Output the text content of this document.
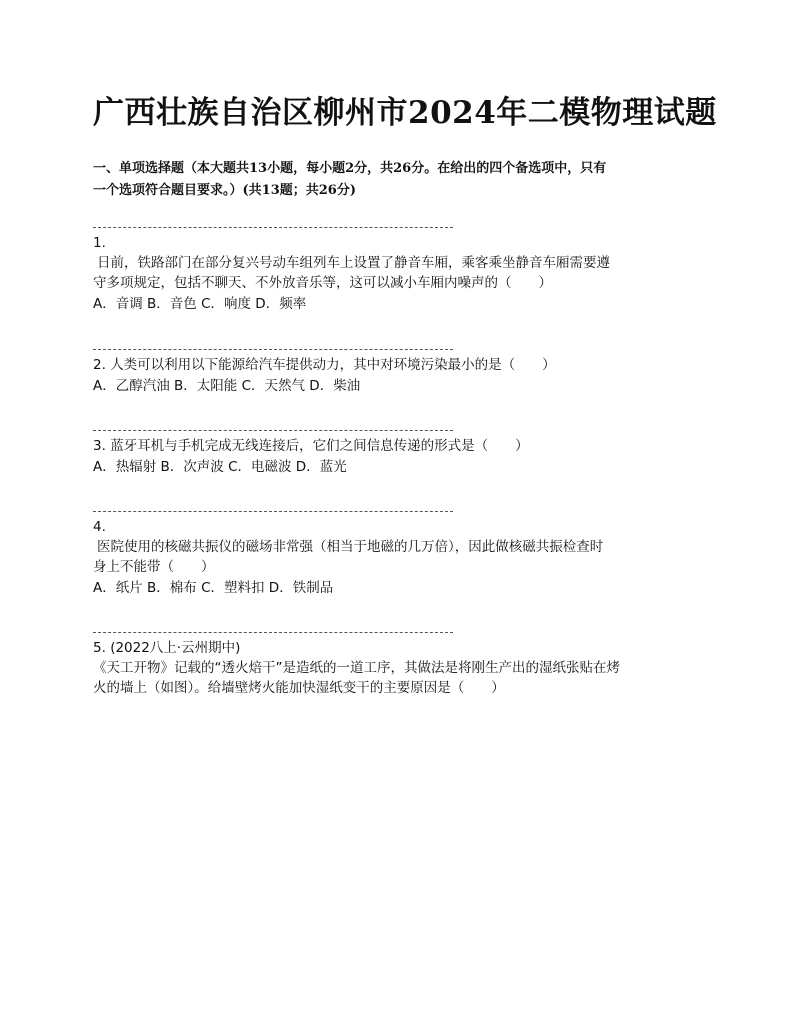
广西壮族自治区柳州市2024年二模物理试题

一、单项选择题（本大题共13小题，每小题2分，共26分。在给出的四个备选项中，只有

一个选项符合题目要求。）(共13题；共26分)

1.

日前，铁路部门在部分复兴号动车组列车上设置了静音车厢，乘客乘坐静音车厢需要遵

守多项规定，包括不聊天、不外放音乐等，这可以减小车厢内噪声的（　　）

A．音调 B．音色 C．响度 D．频率

2. 人类可以利用以下能源给汽车提供动力，其中对环境污染最小的是（　　）

A．乙醇汽油 B．太阳能 C．天然气 D．柴油

3. 蓝牙耳机与手机完成无线连接后，它们之间信息传递的形式是（　　）

A．热辐射 B．次声波 C．电磁波 D．蓝光

4.

医院使用的核磁共振仪的磁场非常强（相当于地磁的几万倍），因此做核磁共振检查时

身上不能带（　　）

A．纸片 B．棉布 C．塑料扣 D．铁制品

5. (2022八上·云州期中)

《天工开物》记载的“透火焙干”是造纸的一道工序，其做法是将刚生产出的湿纸张贴在烤

火的墙上（如图）。给墙壁烤火能加快湿纸变干的主要原因是（　　）
